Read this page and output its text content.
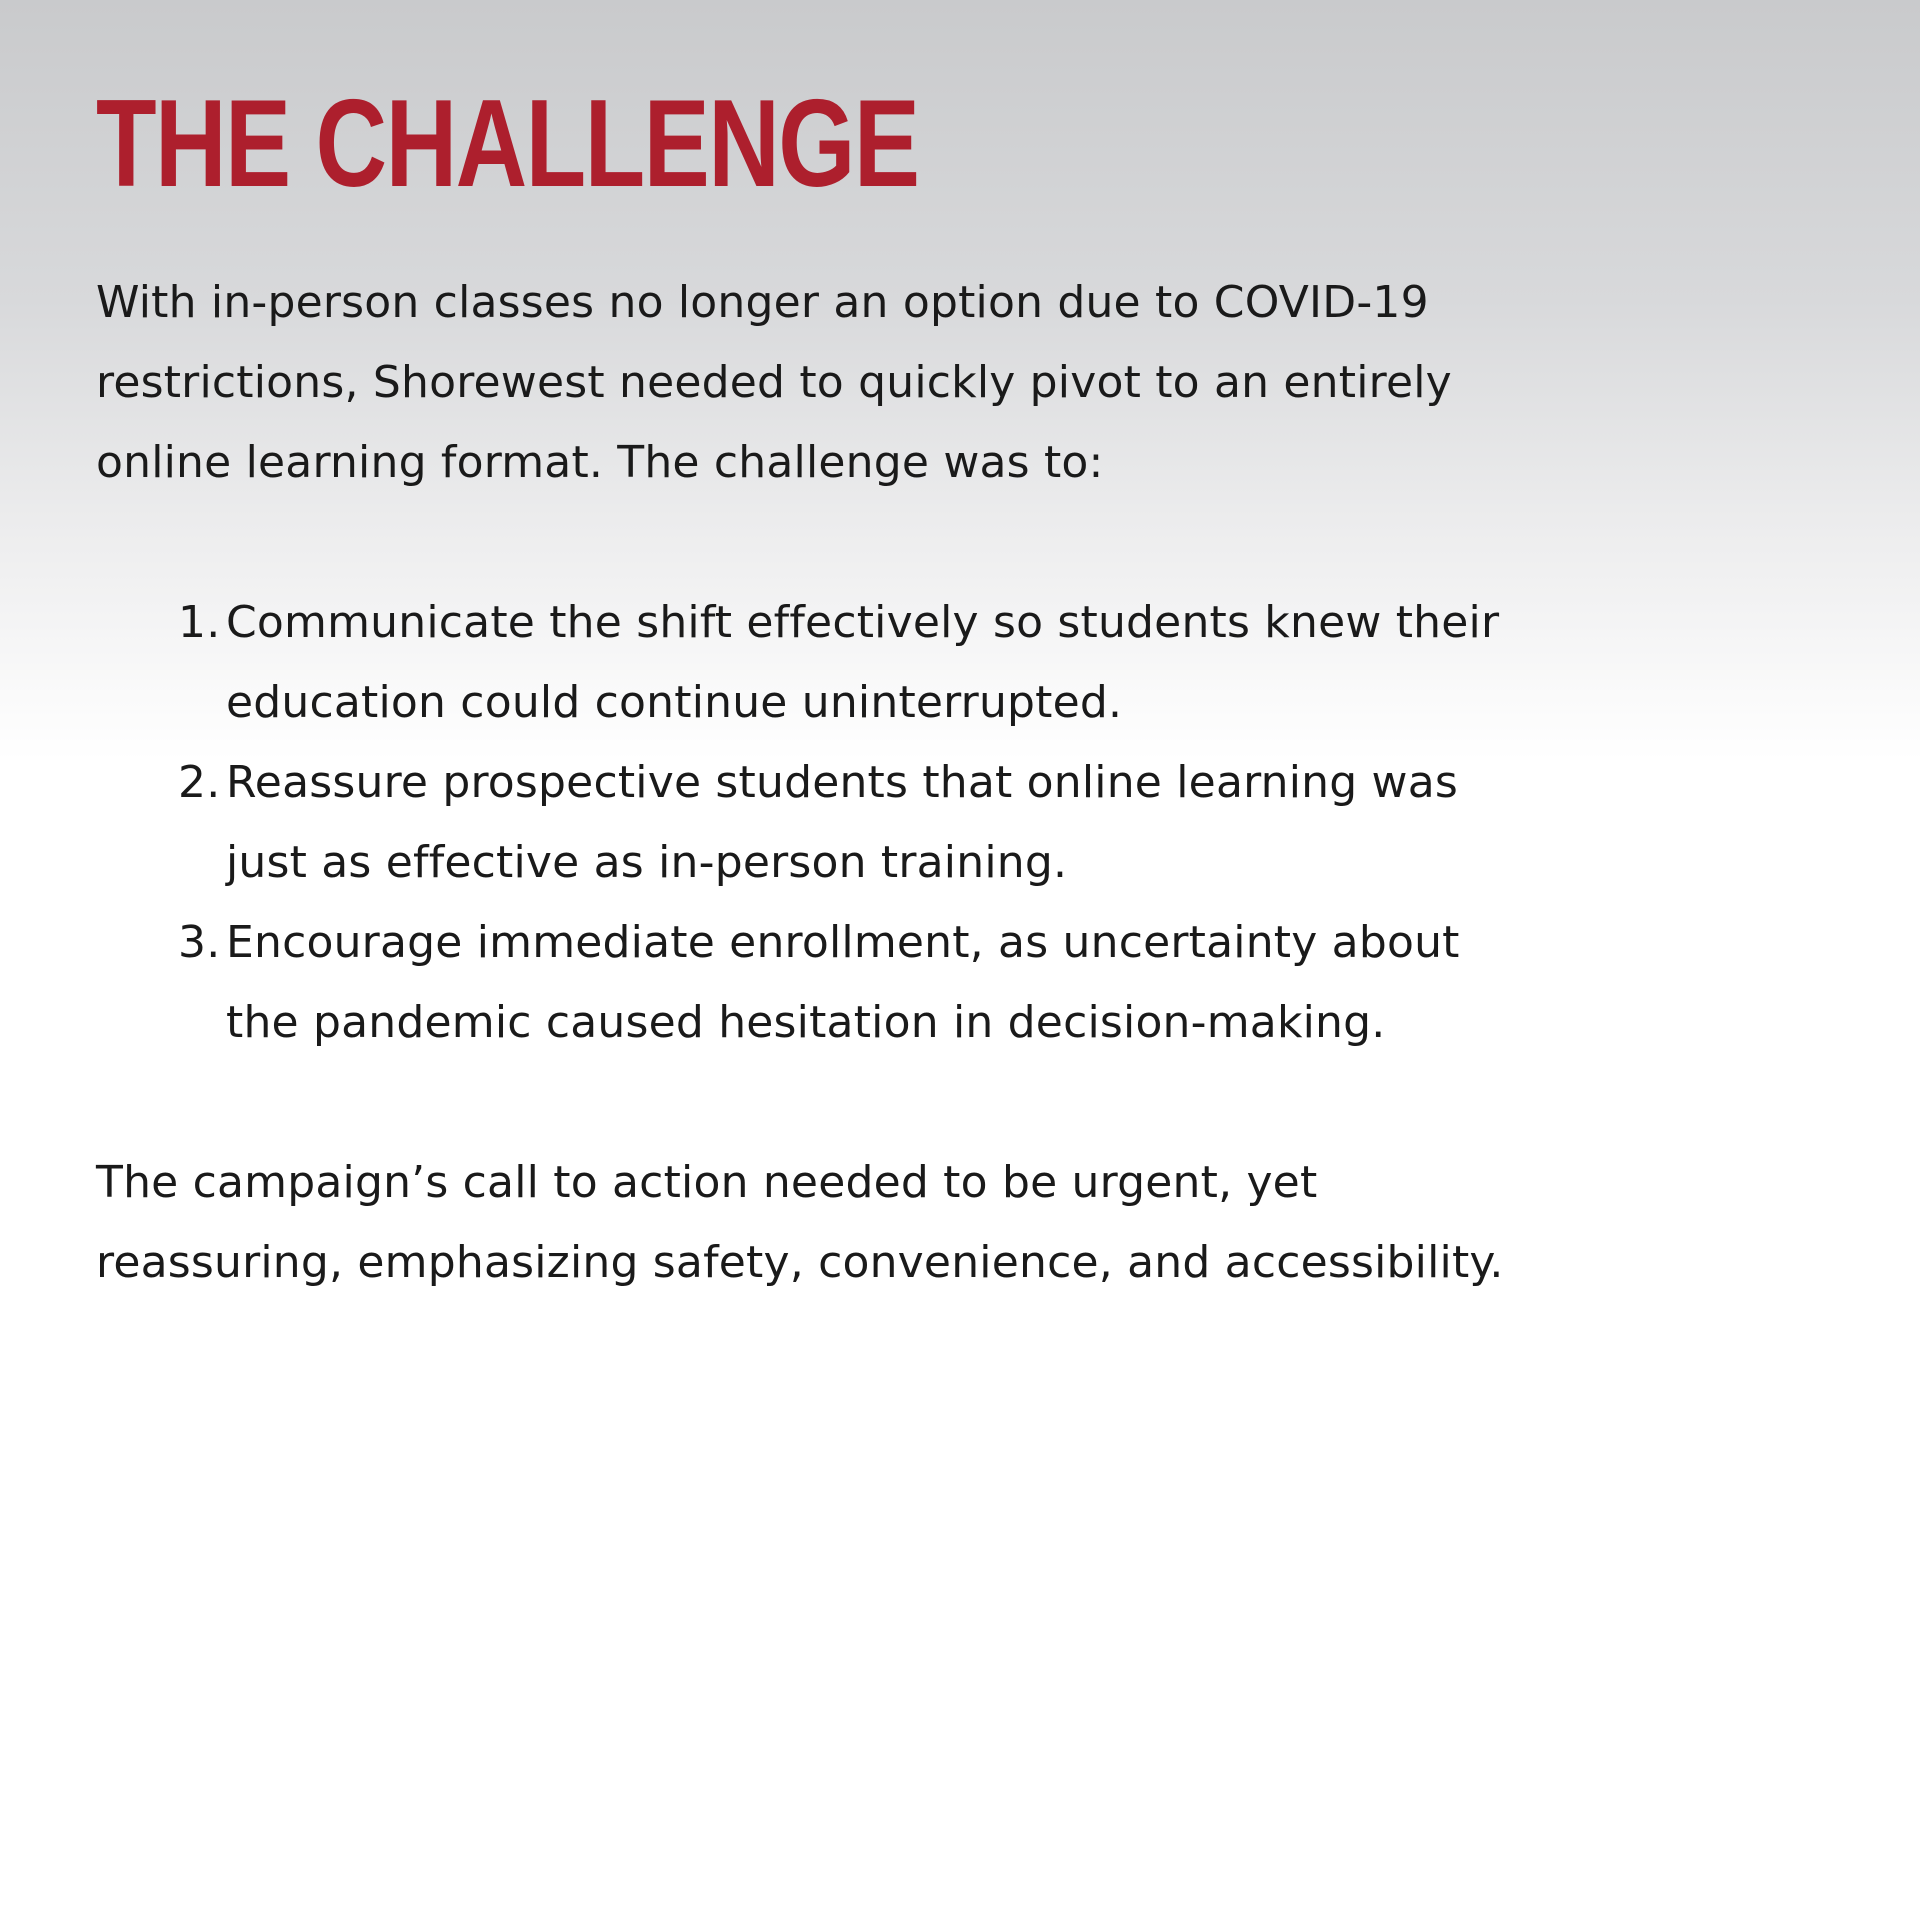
THE CHALLENGE
With in-person classes no longer an option due to COVID-19
restrictions, Shorewest needed to quickly pivot to an entirely
online learning format. The challenge was to:
1. Communicate the shift effectively so students knew their
education could continue uninterrupted.
2. Reassure prospective students that online learning was
just as effective as in-person training.
3. Encourage immediate enrollment, as uncertainty about
the pandemic caused hesitation in decision-making.
The campaign’s call to action needed to be urgent, yet
reassuring, emphasizing safety, convenience, and accessibility.
